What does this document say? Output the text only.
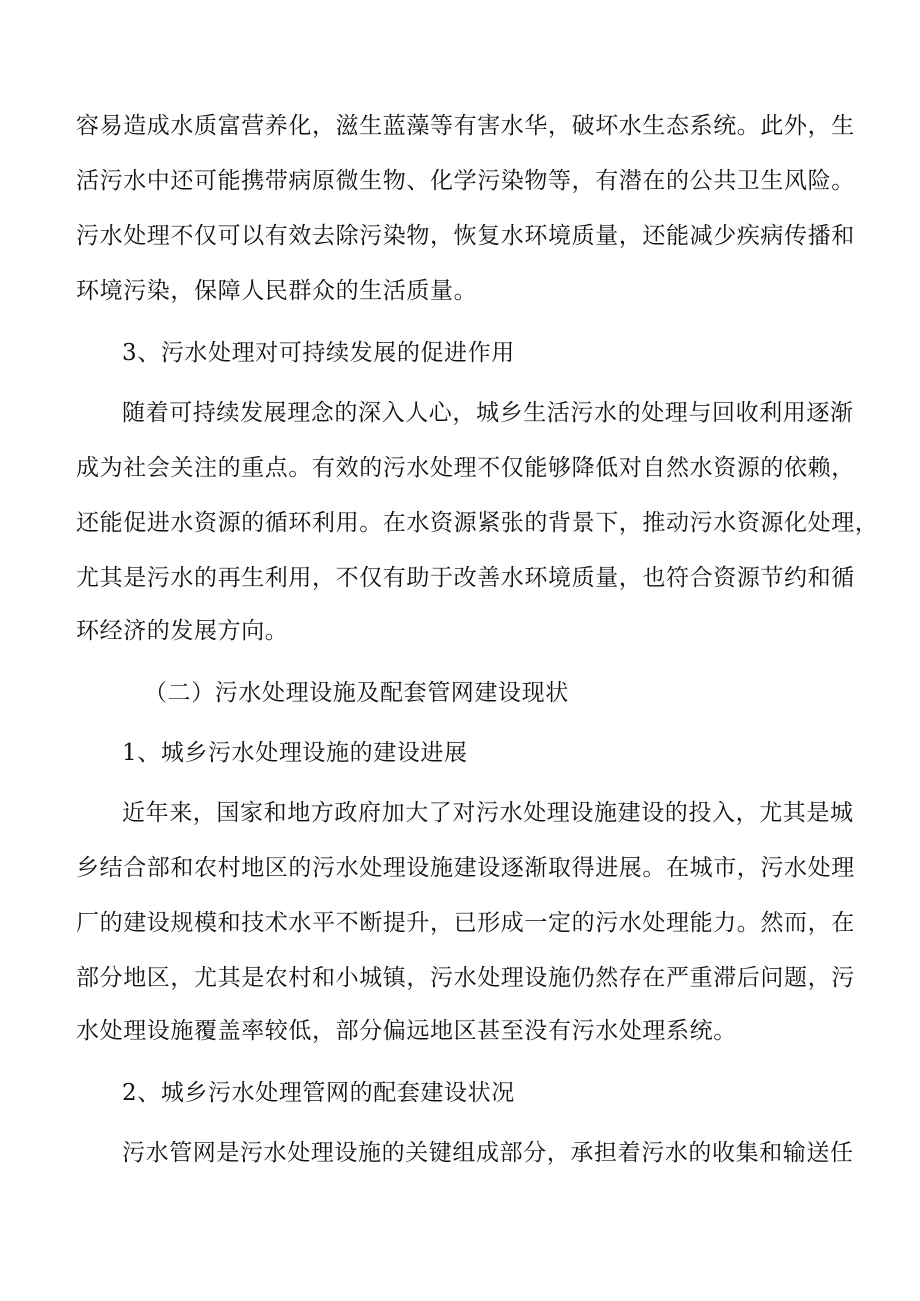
容易造成水质富营养化，滋生蓝藻等有害水华，破坏水生态系统。此外，生
活污水中还可能携带病原微生物、化学污染物等，有潜在的公共卫生风险。
污水处理不仅可以有效去除污染物，恢复水环境质量，还能减少疾病传播和
环境污染，保障人民群众的生活质量。
3、污水处理对可持续发展的促进作用
随着可持续发展理念的深入人心，城乡生活污水的处理与回收利用逐渐
成为社会关注的重点。有效的污水处理不仅能够降低对自然水资源的依赖，
还能促进水资源的循环利用。在水资源紧张的背景下，推动污水资源化处理，
尤其是污水的再生利用，不仅有助于改善水环境质量，也符合资源节约和循
环经济的发展方向。
（二）污水处理设施及配套管网建设现状
1、城乡污水处理设施的建设进展
近年来，国家和地方政府加大了对污水处理设施建设的投入，尤其是城
乡结合部和农村地区的污水处理设施建设逐渐取得进展。在城市，污水处理
厂的建设规模和技术水平不断提升，已形成一定的污水处理能力。然而，在
部分地区，尤其是农村和小城镇，污水处理设施仍然存在严重滞后问题，污
水处理设施覆盖率较低，部分偏远地区甚至没有污水处理系统。
2、城乡污水处理管网的配套建设状况
污水管网是污水处理设施的关键组成部分，承担着污水的收集和输送任
